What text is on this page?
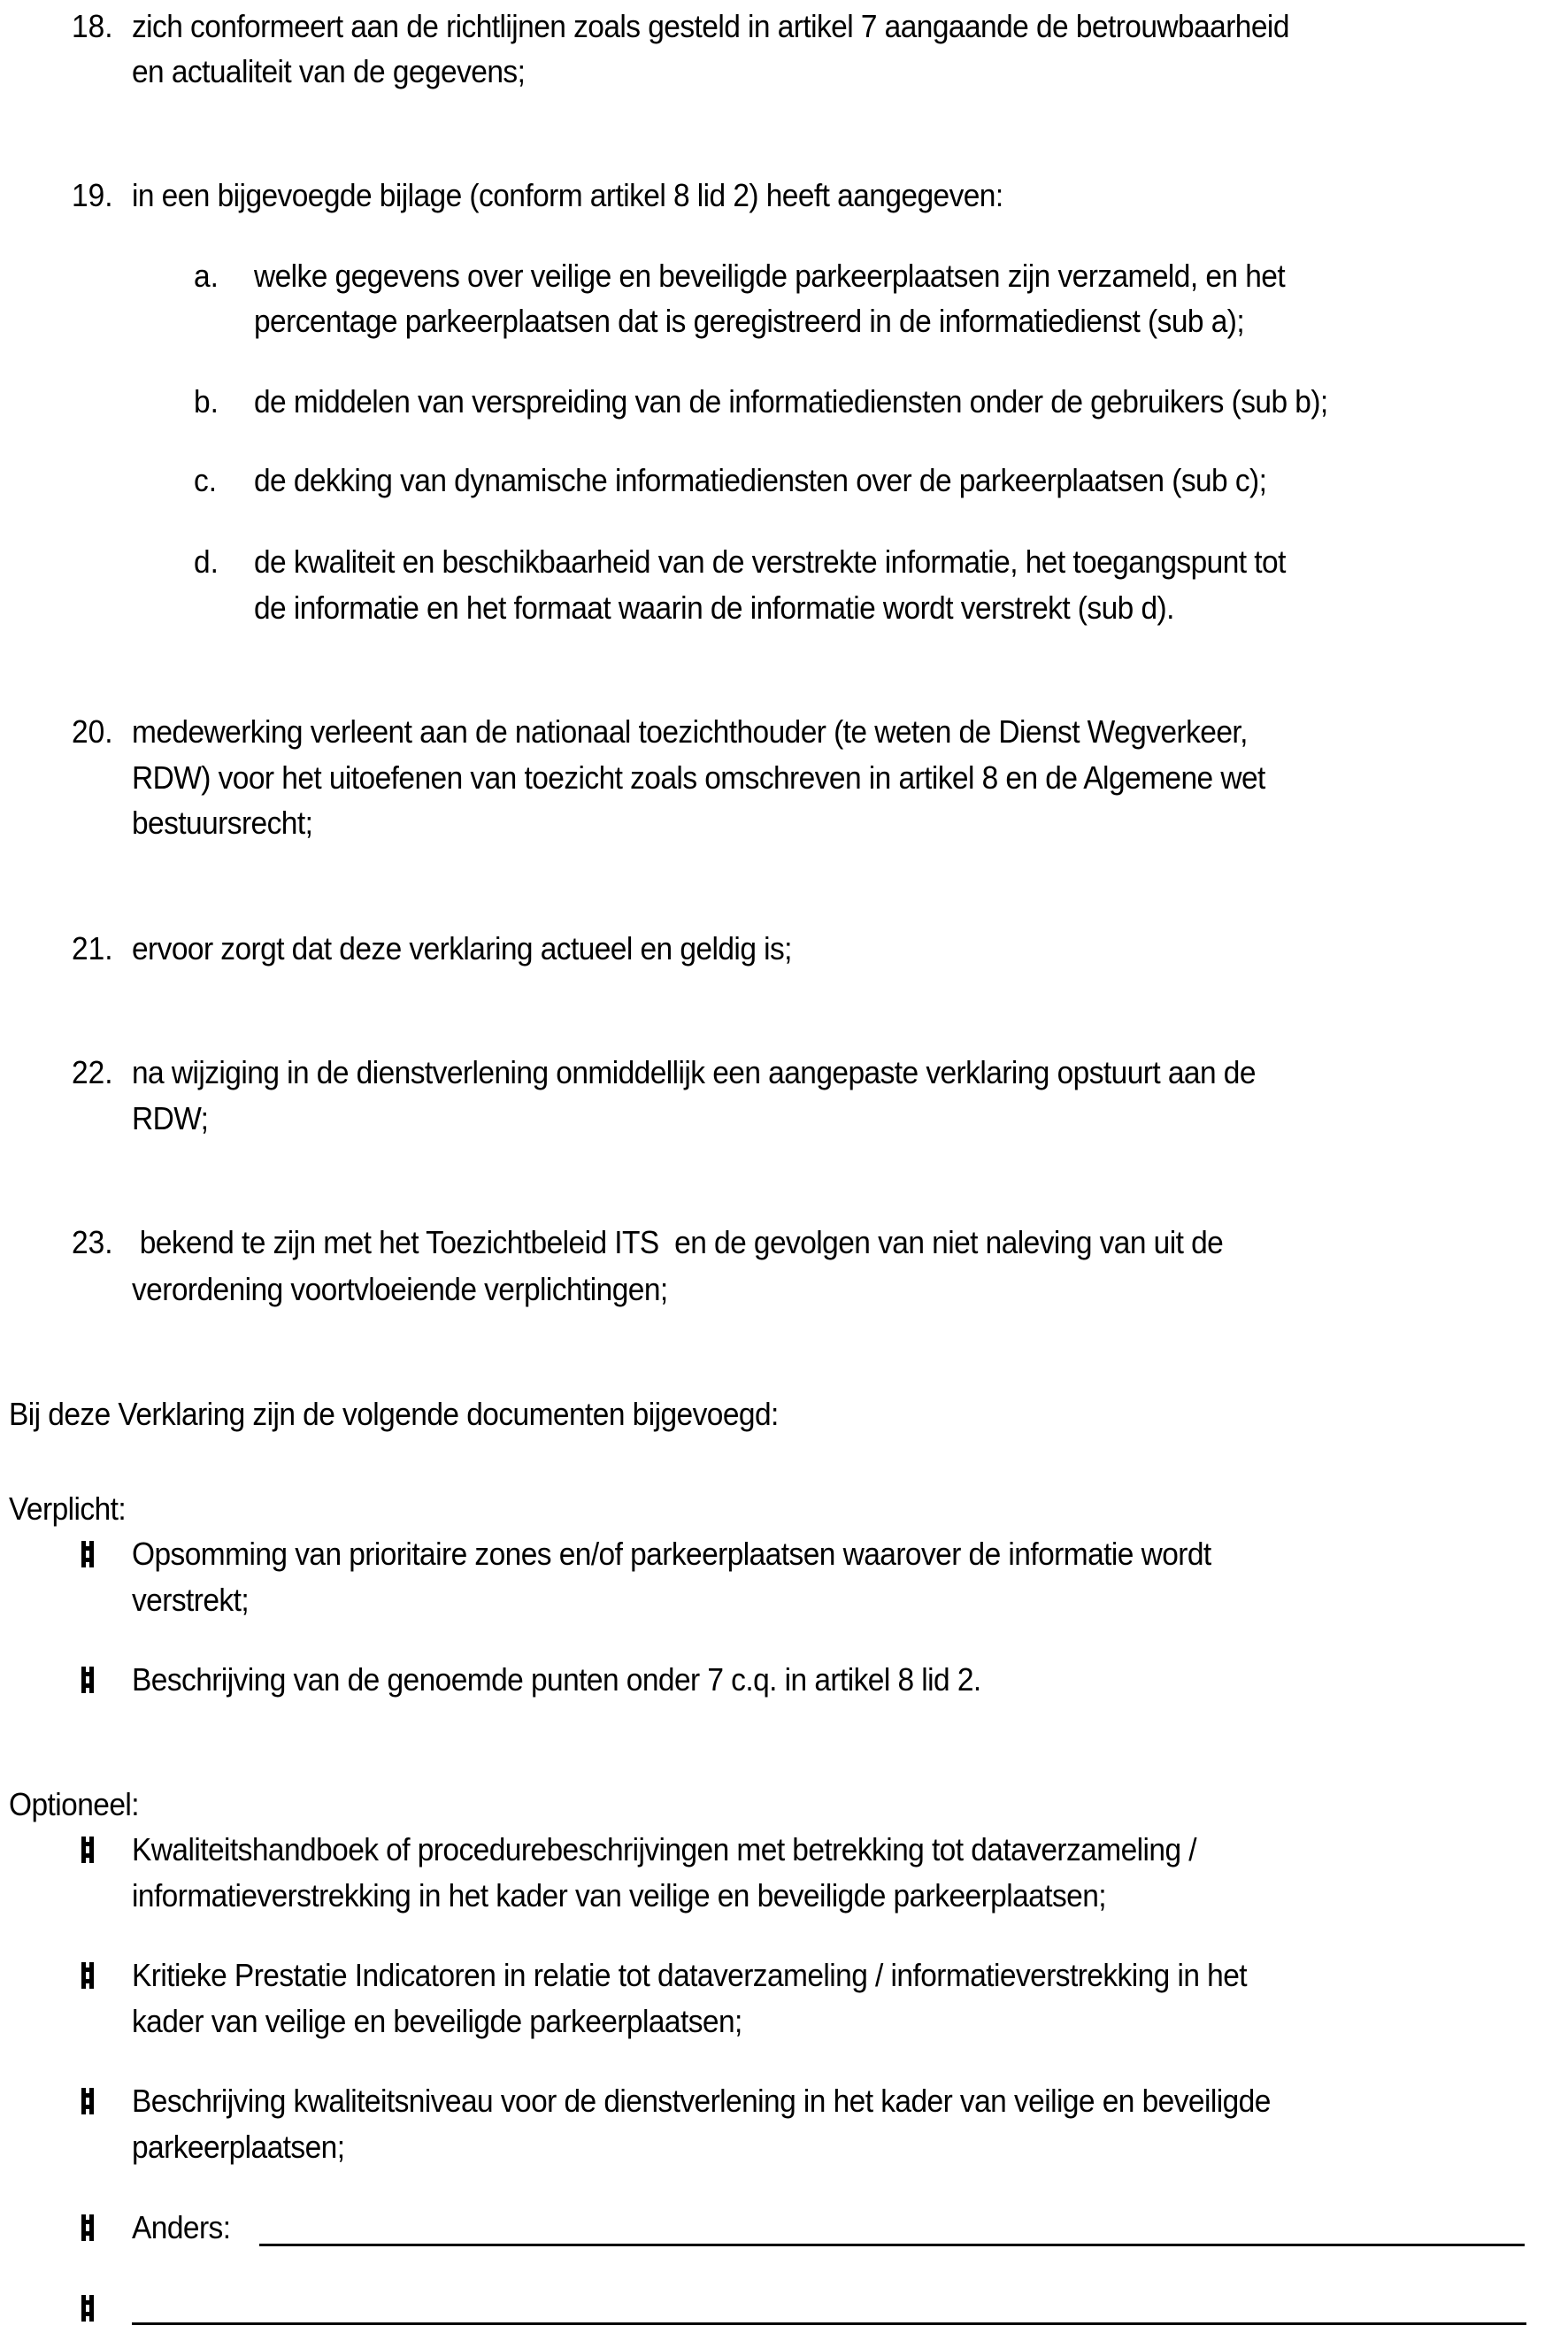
18. zich conformeert aan de richtlijnen zoals gesteld in artikel 7 aangaande de betrouwbaarheid
en actualiteit van de gegevens;
19. in een bijgevoegde bijlage (conform artikel 8 lid 2) heeft aangegeven:
a. welke gegevens over veilige en beveiligde parkeerplaatsen zijn verzameld, en het
percentage parkeerplaatsen dat is geregistreerd in de informatiedienst (sub a);
b. de middelen van verspreiding van de informatiediensten onder de gebruikers (sub b);
c. de dekking van dynamische informatiediensten over de parkeerplaatsen (sub c);
d. de kwaliteit en beschikbaarheid van de verstrekte informatie, het toegangspunt tot
de informatie en het formaat waarin de informatie wordt verstrekt (sub d).
20. medewerking verleent aan de nationaal toezichthouder (te weten de Dienst Wegverkeer,
RDW) voor het uitoefenen van toezicht zoals omschreven in artikel 8 en de Algemene wet
bestuursrecht;
21. ervoor zorgt dat deze verklaring actueel en geldig is;
22. na wijziging in de dienstverlening onmiddellijk een aangepaste verklaring opstuurt aan de
RDW;
23. bekend te zijn met het Toezichtbeleid ITS  en de gevolgen van niet naleving van uit de
verordening voortvloeiende verplichtingen;
Bij deze Verklaring zijn de volgende documenten bijgevoegd:
Verplicht:
Opsomming van prioritaire zones en/of parkeerplaatsen waarover de informatie wordt
verstrekt;
Beschrijving van de genoemde punten onder 7 c.q. in artikel 8 lid 2.
Optioneel:
Kwaliteitshandboek of procedurebeschrijvingen met betrekking tot dataverzameling /
informatieverstrekking in het kader van veilige en beveiligde parkeerplaatsen;
Kritieke Prestatie Indicatoren in relatie tot dataverzameling / informatieverstrekking in het
kader van veilige en beveiligde parkeerplaatsen;
Beschrijving kwaliteitsniveau voor de dienstverlening in het kader van veilige en beveiligde
parkeerplaatsen;
Anders:
